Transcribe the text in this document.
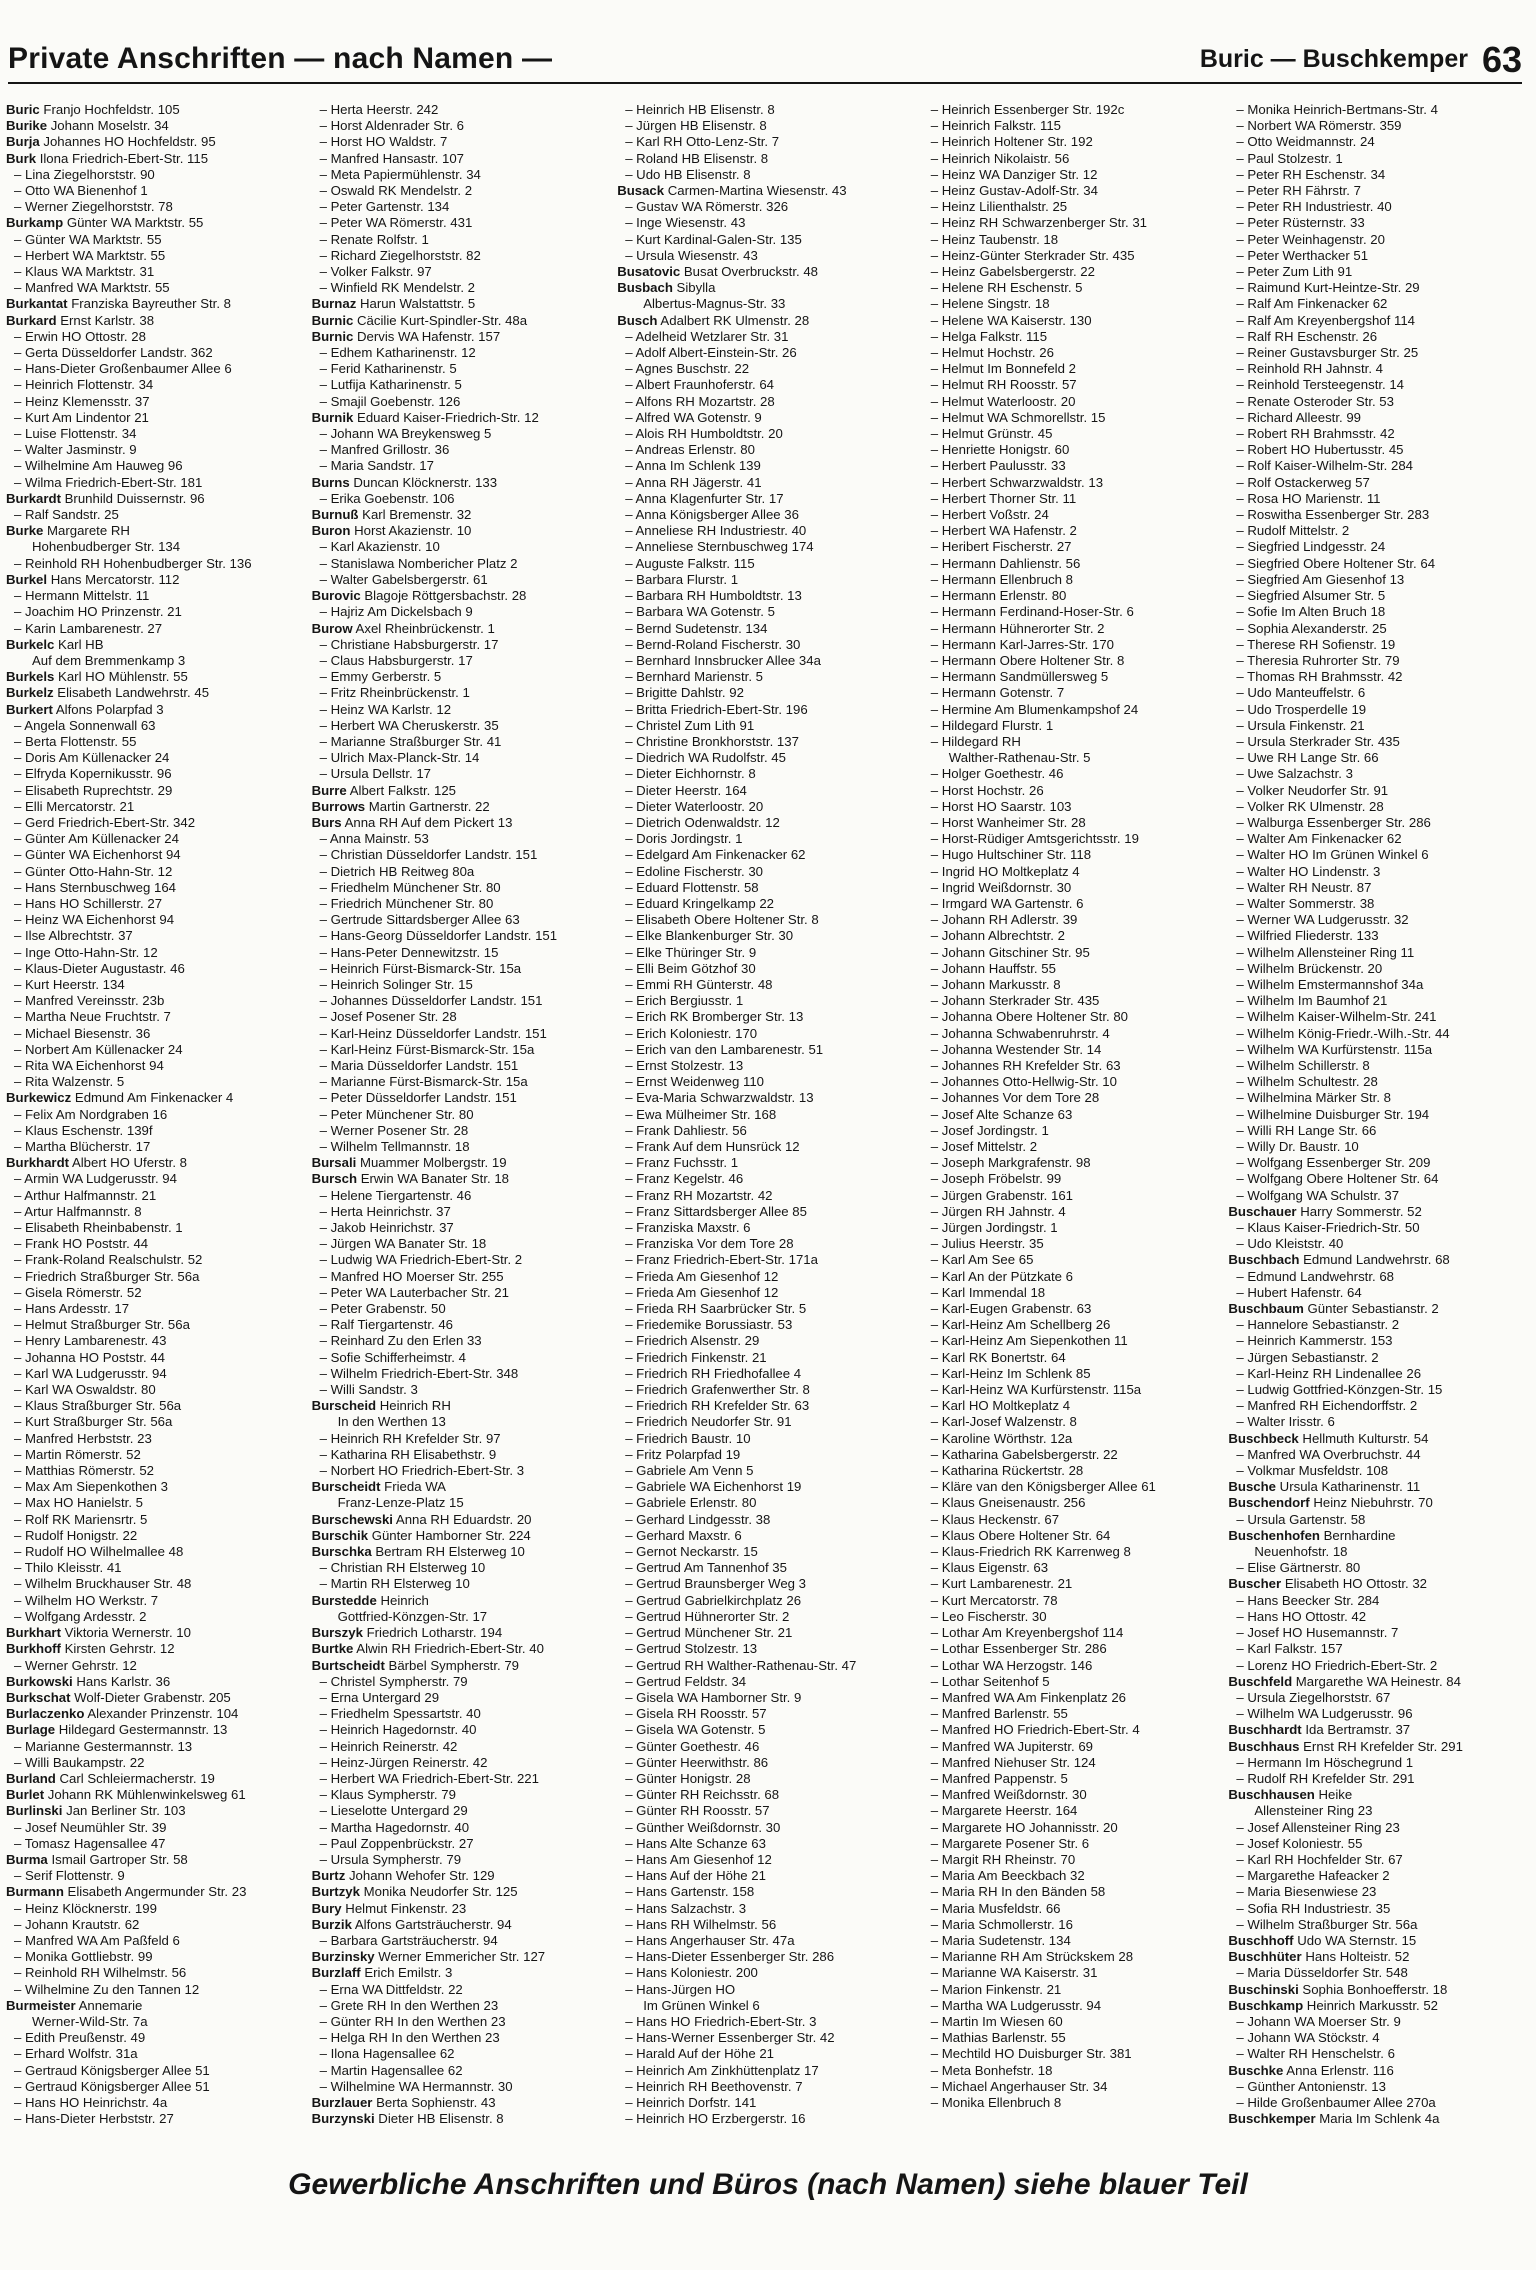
Private Anschriften — nach Namen —	Buric — Buschkemper 63
Buric Franjo Hochfeldstr. 105
Burike Johann Moselstr. 34
Burja Johannes HO Hochfeldstr. 95
Burk Ilona Friedrich-Ebert-Str. 115
– Lina Ziegelhorststr. 90
– Otto WA Bienenhof 1
– Werner Ziegelhorststr. 78
Burkamp Günter WA Marktstr. 55
– Günter WA Marktstr. 55
– Herbert WA Marktstr. 55
– Klaus WA Marktstr. 31
– Manfred WA Marktstr. 55
Burkantat Franziska Bayreuther Str. 8
Burkard Ernst Karlstr. 38
– Erwin HO Ottostr. 28
– Gerta Düsseldorfer Landstr. 362
– Hans-Dieter Großenbaumer Allee 6
– Heinrich Flottenstr. 34
– Heinz Klemensstr. 37
– Kurt Am Lindentor 21
– Luise Flottenstr. 34
– Walter Jasminstr. 9
– Wilhelmine Am Hauweg 96
– Wilma Friedrich-Ebert-Str. 181
Burkardt Brunhild Duissernstr. 96
– Ralf Sandstr. 25
Burke Margarete RH
Hohenbudberger Str. 134
– Reinhold RH Hohenbudberger Str. 136
Burkel Hans Mercatorstr. 112
– Hermann Mittelstr. 11
– Joachim HO Prinzenstr. 21
– Karin Lambarenestr. 27
Burkelc Karl HB
Auf dem Bremmenkamp 3
Burkels Karl HO Mühlenstr. 55
Burkelz Elisabeth Landwehrstr. 45
Burkert Alfons Polarpfad 3
– Angela Sonnenwall 63
– Berta Flottenstr. 55
– Doris Am Küllenacker 24
– Elfryda Kopernikusstr. 96
– Elisabeth Ruprechtstr. 29
– Elli Mercatorstr. 21
– Gerd Friedrich-Ebert-Str. 342
– Günter Am Küllenacker 24
– Günter WA Eichenhorst 94
– Günter Otto-Hahn-Str. 12
– Hans Sternbuschweg 164
– Hans HO Schillerstr. 27
– Heinz WA Eichenhorst 94
– Ilse Albrechtstr. 37
– Inge Otto-Hahn-Str. 12
– Klaus-Dieter Augustastr. 46
– Kurt Heerstr. 134
– Manfred Vereinsstr. 23b
– Martha Neue Fruchtstr. 7
– Michael Biesenstr. 36
– Norbert Am Küllenacker 24
– Rita WA Eichenhorst 94
– Rita Walzenstr. 5
Burkewicz Edmund Am Finkenacker 4
– Felix Am Nordgraben 16
– Klaus Eschenstr. 139f
– Martha Blücherstr. 17
Burkhardt Albert HO Uferstr. 8
– Armin WA Ludgerusstr. 94
– Arthur Halfmannstr. 21
– Artur Halfmannstr. 8
– Elisabeth Rheinbabenstr. 1
– Frank HO Poststr. 44
– Frank-Roland Realschulstr. 52
– Friedrich Straßburger Str. 56a
– Gisela Römerstr. 52
– Hans Ardesstr. 17
– Helmut Straßburger Str. 56a
– Henry Lambarenestr. 43
– Johanna HO Poststr. 44
– Karl WA Ludgerusstr. 94
– Karl WA Oswaldstr. 80
– Klaus Straßburger Str. 56a
– Kurt Straßburger Str. 56a
– Manfred Herbststr. 23
– Martin Römerstr. 52
– Matthias Römerstr. 52
– Max Am Siepenkothen 3
– Max HO Hanielstr. 5
– Rolf RK Mariensrtr. 5
– Rudolf Honigstr. 22
– Rudolf HO Wilhelmallee 48
– Thilo Kleisstr. 41
– Wilhelm Bruckhauser Str. 48
– Wilhelm HO Werkstr. 7
– Wolfgang Ardesstr. 2
Burkhart Viktoria Wernerstr. 10
Burkhoff Kirsten Gehrstr. 12
– Werner Gehrstr. 12
Burkowski Hans Karlstr. 36
Burkschat Wolf-Dieter Grabenstr. 205
Burlaczenko Alexander Prinzenstr. 104
Burlage Hildegard Gestermannstr. 13
– Marianne Gestermannstr. 13
– Willi Baukampstr. 22
Burland Carl Schleiermacherstr. 19
Burlet Johann RK Mühlenwinkelsweg 61
Burlinski Jan Berliner Str. 103
– Josef Neumühler Str. 39
– Tomasz Hagensallee 47
Burma Ismail Gartroper Str. 58
– Serif Flottenstr. 9
Burmann Elisabeth Angermunder Str. 23
– Heinz Klöcknerstr. 199
– Johann Krautstr. 62
– Manfred WA Am Paßfeld 6
– Monika Gottliebstr. 99
– Reinhold RH Wilhelmstr. 56
– Wilhelmine Zu den Tannen 12
Burmeister Annemarie
Werner-Wild-Str. 7a
– Edith Preußenstr. 49
– Erhard Wolfstr. 31a
– Gertraud Königsberger Allee 51
– Gertraud Königsberger Allee 51
– Hans HO Heinrichstr. 4a
– Hans-Dieter Herbststr. 27
– Herta Heerstr. 242
– Horst Aldenrader Str. 6
– Horst HO Waldstr. 7
– Manfred Hansastr. 107
– Meta Papiermühlenstr. 34
– Oswald RK Mendelstr. 2
– Peter Gartenstr. 134
– Peter WA Römerstr. 431
– Renate Rolfstr. 1
– Richard Ziegelhorststr. 82
– Volker Falkstr. 97
– Winfield RK Mendelstr. 2
Burnaz Harun Walstattstr. 5
Burnic Cäcilie Kurt-Spindler-Str. 48a
Burnic Dervis WA Hafenstr. 157
– Edhem Katharinenstr. 12
– Ferid Katharinenstr. 5
– Lutfija Katharinenstr. 5
– Smajil Goebenstr. 126
Burnik Eduard Kaiser-Friedrich-Str. 12
– Johann WA Breykensweg 5
– Manfred Grillostr. 36
– Maria Sandstr. 17
Burns Duncan Klöcknerstr. 133
– Erika Goebenstr. 106
Burnuß Karl Bremenstr. 32
Buron Horst Akazienstr. 10
– Karl Akazienstr. 10
– Stanislawa Nombericher Platz 2
– Walter Gabelsbergerstr. 61
Burovic Blagoje Röttgersbachstr. 28
– Hajriz Am Dickelsbach 9
Burow Axel Rheinbrückenstr. 1
– Christiane Habsburgerstr. 17
– Claus Habsburgerstr. 17
– Emmy Gerberstr. 5
– Fritz Rheinbrückenstr. 1
– Heinz WA Karlstr. 12
– Herbert WA Cheruskerstr. 35
– Marianne Straßburger Str. 41
– Ulrich Max-Planck-Str. 14
– Ursula Dellstr. 17
Burre Albert Falkstr. 125
Burrows Martin Gartnerstr. 22
Burs Anna RH Auf dem Pickert 13
– Anna Mainstr. 53
– Christian Düsseldorfer Landstr. 151
– Dietrich HB Reitweg 80a
– Friedhelm Münchener Str. 80
– Friedrich Münchener Str. 80
– Gertrude Sittardsberger Allee 63
– Hans-Georg Düsseldorfer Landstr. 151
– Hans-Peter Dennewitzstr. 15
– Heinrich Fürst-Bismarck-Str. 15a
– Heinrich Solinger Str. 15
– Johannes Düsseldorfer Landstr. 151
– Josef Posener Str. 28
– Karl-Heinz Düsseldorfer Landstr. 151
– Karl-Heinz Fürst-Bismarck-Str. 15a
– Maria Düsseldorfer Landstr. 151
– Marianne Fürst-Bismarck-Str. 15a
– Peter Düsseldorfer Landstr. 151
– Peter Münchener Str. 80
– Werner Posener Str. 28
– Wilhelm Tellmannstr. 18
Bursali Muammer Molbergstr. 19
Bursch Erwin WA Banater Str. 18
– Helene Tiergartenstr. 46
– Herta Heinrichstr. 37
– Jakob Heinrichstr. 37
– Jürgen WA Banater Str. 18
– Ludwig WA Friedrich-Ebert-Str. 2
– Manfred HO Moerser Str. 255
– Peter WA Lauterbacher Str. 21
– Peter Grabenstr. 50
– Ralf Tiergartenstr. 46
– Reinhard Zu den Erlen 33
– Sofie Schifferheimstr. 4
– Wilhelm Friedrich-Ebert-Str. 348
– Willi Sandstr. 3
Burscheid Heinrich RH
In den Werthen 13
– Heinrich RH Krefelder Str. 97
– Katharina RH Elisabethstr. 9
– Norbert HO Friedrich-Ebert-Str. 3
Burscheidt Frieda WA
Franz-Lenze-Platz 15
Burschewski Anna RH Eduardstr. 20
Burschik Günter Hamborner Str. 224
Burschka Bertram RH Elsterweg 10
– Christian RH Elsterweg 10
– Martin RH Elsterweg 10
Burstedde Heinrich
Gottfried-Könzgen-Str. 17
Burszyk Friedrich Lotharstr. 194
Burtke Alwin RH Friedrich-Ebert-Str. 40
Burtscheidt Bärbel Sympherstr. 79
– Christel Sympherstr. 79
– Erna Untergard 29
– Friedhelm Spessartstr. 40
– Heinrich Hagedornstr. 40
– Heinrich Reinerstr. 42
– Heinz-Jürgen Reinerstr. 42
– Herbert WA Friedrich-Ebert-Str. 221
– Klaus Sympherstr. 79
– Lieselotte Untergard 29
– Martha Hagedornstr. 40
– Paul Zoppenbrückstr. 27
– Ursula Sympherstr. 79
Burtz Johann Wehofer Str. 129
Burtzyk Monika Neudorfer Str. 125
Bury Helmut Finkenstr. 23
Burzik Alfons Gartsträucherstr. 94
– Barbara Gartsträucherstr. 94
Burzinsky Werner Emmericher Str. 127
Burzlaff Erich Emilstr. 3
– Erna WA Dittfeldstr. 22
– Grete RH In den Werthen 23
– Günter RH In den Werthen 23
– Helga RH In den Werthen 23
– Ilona Hagensallee 62
– Martin Hagensallee 62
– Wilhelmine WA Hermannstr. 30
Burzlauer Berta Sophienstr. 43
Burzynski Dieter HB Elisenstr. 8
– Heinrich HB Elisenstr. 8
– Jürgen HB Elisenstr. 8
– Karl RH Otto-Lenz-Str. 7
– Roland HB Elisenstr. 8
– Udo HB Elisenstr. 8
Busack Carmen-Martina Wiesenstr. 43
– Gustav WA Römerstr. 326
– Inge Wiesenstr. 43
– Kurt Kardinal-Galen-Str. 135
– Ursula Wiesenstr. 43
Busatovic Busat Overbruckstr. 48
Busbach Sibylla
Albertus-Magnus-Str. 33
Busch Adalbert RK Ulmenstr. 28
– Adelheid Wetzlarer Str. 31
– Adolf Albert-Einstein-Str. 26
– Agnes Buschstr. 22
– Albert Fraunhoferstr. 64
– Alfons RH Mozartstr. 28
– Alfred WA Gotenstr. 9
– Alois RH Humboldtstr. 20
– Andreas Erlenstr. 80
– Anna Im Schlenk 139
– Anna RH Jägerstr. 41
– Anna Klagenfurter Str. 17
– Anna Königsberger Allee 36
– Anneliese RH Industriestr. 40
– Anneliese Sternbuschweg 174
– Auguste Falkstr. 115
– Barbara Flurstr. 1
– Barbara RH Humboldtstr. 13
– Barbara WA Gotenstr. 5
– Bernd Sudetenstr. 134
– Bernd-Roland Fischerstr. 30
– Bernhard Innsbrucker Allee 34a
– Bernhard Marienstr. 5
– Brigitte Dahlstr. 92
– Britta Friedrich-Ebert-Str. 196
– Christel Zum Lith 91
– Christine Bronkhorststr. 137
– Diedrich WA Rudolfstr. 45
– Dieter Eichhornstr. 8
– Dieter Heerstr. 164
– Dieter Waterloostr. 20
– Dietrich Odenwaldstr. 12
– Doris Jordingstr. 1
– Edelgard Am Finkenacker 62
– Edoline Fischerstr. 30
– Eduard Flottenstr. 58
– Eduard Kringelkamp 22
– Elisabeth Obere Holtener Str. 8
– Elke Blankenburger Str. 30
– Elke Thüringer Str. 9
– Elli Beim Götzhof 30
– Emmi RH Günterstr. 48
– Erich Bergiusstr. 1
– Erich RK Bromberger Str. 13
– Erich Koloniestr. 170
– Erich van den Lambarenestr. 51
– Ernst Stolzestr. 13
– Ernst Weidenweg 110
– Eva-Maria Schwarzwaldstr. 13
– Ewa Mülheimer Str. 168
– Frank Dahliestr. 56
– Frank Auf dem Hunsrück 12
– Franz Fuchsstr. 1
– Franz Kegelstr. 46
– Franz RH Mozartstr. 42
– Franz Sittardsberger Allee 85
– Franziska Maxstr. 6
– Franziska Vor dem Tore 28
– Franz Friedrich-Ebert-Str. 171a
– Frieda Am Giesenhof 12
– Frieda Am Giesenhof 12
– Frieda RH Saarbrücker Str. 5
– Friedemike Borussiastr. 53
– Friedrich Alsenstr. 29
– Friedrich Finkenstr. 21
– Friedrich RH Friedhofallee 4
– Friedrich Grafenwerther Str. 8
– Friedrich RH Krefelder Str. 63
– Friedrich Neudorfer Str. 91
– Friedrich Baustr. 10
– Fritz Polarpfad 19
– Gabriele Am Venn 5
– Gabriele WA Eichenhorst 19
– Gabriele Erlenstr. 80
– Gerhard Lindgesstr. 38
– Gerhard Maxstr. 6
– Gernot Neckarstr. 15
– Gertrud Am Tannenhof 35
– Gertrud Braunsberger Weg 3
– Gertrud Gabrielkirchplatz 26
– Gertrud Hühnerorter Str. 2
– Gertrud Münchener Str. 21
– Gertrud Stolzestr. 13
– Gertrud RH Walther-Rathenau-Str. 47
– Gertrud Feldstr. 34
– Gisela WA Hamborner Str. 9
– Gisela RH Roosstr. 57
– Gisela WA Gotenstr. 5
– Günter Goethestr. 46
– Günter Heerwithstr. 86
– Günter Honigstr. 28
– Günter RH Reichsstr. 68
– Günter RH Roosstr. 57
– Günther Weißdornstr. 30
– Hans Alte Schanze 63
– Hans Am Giesenhof 12
– Hans Auf der Höhe 21
– Hans Gartenstr. 158
– Hans Salzachstr. 3
– Hans RH Wilhelmstr. 56
– Hans Angerhauser Str. 47a
– Hans-Dieter Essenberger Str. 286
– Hans Koloniestr. 200
– Hans-Jürgen HO
Im Grünen Winkel 6
– Hans HO Friedrich-Ebert-Str. 3
– Hans-Werner Essenberger Str. 42
– Harald Auf der Höhe 21
– Heinrich Am Zinkhüttenplatz 17
– Heinrich RH Beethovenstr. 7
– Heinrich Dorfstr. 141
– Heinrich HO Erzbergerstr. 16
– Heinrich Essenberger Str. 192c
– Heinrich Falkstr. 115
– Heinrich Holtener Str. 192
– Heinrich Nikolaistr. 56
– Heinz WA Danziger Str. 12
– Heinz Gustav-Adolf-Str. 34
– Heinz Lilienthalstr. 25
– Heinz RH Schwarzenberger Str. 31
– Heinz Taubenstr. 18
– Heinz-Günter Sterkrader Str. 435
– Heinz Gabelsbergerstr. 22
– Helene RH Eschenstr. 5
– Helene Singstr. 18
– Helene WA Kaiserstr. 130
– Helga Falkstr. 115
– Helmut Hochstr. 26
– Helmut Im Bonnefeld 2
– Helmut RH Roosstr. 57
– Helmut Waterloostr. 20
– Helmut WA Schmorellstr. 15
– Helmut Grünstr. 45
– Henriette Honigstr. 60
– Herbert Paulusstr. 33
– Herbert Schwarzwaldstr. 13
– Herbert Thorner Str. 11
– Herbert Voßstr. 24
– Herbert WA Hafenstr. 2
– Heribert Fischerstr. 27
– Hermann Dahlienstr. 56
– Hermann Ellenbruch 8
– Hermann Erlenstr. 80
– Hermann Ferdinand-Hoser-Str. 6
– Hermann Hühnerorter Str. 2
– Hermann Karl-Jarres-Str. 170
– Hermann Obere Holtener Str. 8
– Hermann Sandmüllersweg 5
– Hermann Gotenstr. 7
– Hermine Am Blumenkampshof 24
– Hildegard Flurstr. 1
– Hildegard RH
Walther-Rathenau-Str. 5
– Holger Goethestr. 46
– Horst Hochstr. 26
– Horst HO Saarstr. 103
– Horst Wanheimer Str. 28
– Horst-Rüdiger Amtsgerichtsstr. 19
– Hugo Hultschiner Str. 118
– Ingrid HO Moltkeplatz 4
– Ingrid Weißdornstr. 30
– Irmgard WA Gartenstr. 6
– Johann RH Adlerstr. 39
– Johann Albrechtstr. 2
– Johann Gitschiner Str. 95
– Johann Hauffstr. 55
– Johann Markusstr. 8
– Johann Sterkrader Str. 435
– Johanna Obere Holtener Str. 80
– Johanna Schwabenruhrstr. 4
– Johanna Westender Str. 14
– Johannes RH Krefelder Str. 63
– Johannes Otto-Hellwig-Str. 10
– Johannes Vor dem Tore 28
– Josef Alte Schanze 63
– Josef Jordingstr. 1
– Josef Mittelstr. 2
– Joseph Markgrafenstr. 98
– Joseph Fröbelstr. 99
– Jürgen Grabenstr. 161
– Jürgen RH Jahnstr. 4
– Jürgen Jordingstr. 1
– Julius Heerstr. 35
– Karl Am See 65
– Karl An der Pützkate 6
– Karl Immendal 18
– Karl-Eugen Grabenstr. 63
– Karl-Heinz Am Schellberg 26
– Karl-Heinz Am Siepenkothen 11
– Karl RK Bonertstr. 64
– Karl-Heinz Im Schlenk 85
– Karl-Heinz WA Kurfürstenstr. 115a
– Karl HO Moltkeplatz 4
– Karl-Josef Walzenstr. 8
– Karoline Wörthstr. 12a
– Katharina Gabelsbergerstr. 22
– Katharina Rückertstr. 28
– Kläre van den Königsberger Allee 61
– Klaus Gneisenaustr. 256
– Klaus Heckenstr. 67
– Klaus Obere Holtener Str. 64
– Klaus-Friedrich RK Karrenweg 8
– Klaus Eigenstr. 63
– Kurt Lambarenestr. 21
– Kurt Mercatorstr. 78
– Leo Fischerstr. 30
– Lothar Am Kreyenbergshof 114
– Lothar Essenberger Str. 286
– Lothar WA Herzogstr. 146
– Lothar Seitenhof 5
– Manfred WA Am Finkenplatz 26
– Manfred Barlenstr. 55
– Manfred HO Friedrich-Ebert-Str. 4
– Manfred WA Jupiterstr. 69
– Manfred Niehuser Str. 124
– Manfred Pappenstr. 5
– Manfred Weißdornstr. 30
– Margarete Heerstr. 164
– Margarete HO Johannisstr. 20
– Margarete Posener Str. 6
– Margit RH Rheinstr. 70
– Maria Am Beeckbach 32
– Maria RH In den Bänden 58
– Maria Musfeldstr. 66
– Maria Schmollerstr. 16
– Maria Sudetenstr. 134
– Marianne RH Am Strückskem 28
– Marianne WA Kaiserstr. 31
– Marion Finkenstr. 21
– Martha WA Ludgerusstr. 94
– Martin Im Wiesen 60
– Mathias Barlenstr. 55
– Mechtild HO Duisburger Str. 381
– Meta Bonhefstr. 18
– Michael Angerhauser Str. 34
– Monika Ellenbruch 8
– Monika Heinrich-Bertmans-Str. 4
– Norbert WA Römerstr. 359
– Otto Weidmannstr. 24
– Paul Stolzestr. 1
– Peter RH Eschenstr. 34
– Peter RH Fährstr. 7
– Peter RH Industriestr. 40
– Peter Rüsternstr. 33
– Peter Weinhagenstr. 20
– Peter Werthacker 51
– Peter Zum Lith 91
– Raimund Kurt-Heintze-Str. 29
– Ralf Am Finkenacker 62
– Ralf Am Kreyenbergshof 114
– Ralf RH Eschenstr. 26
– Reiner Gustavsburger Str. 25
– Reinhold RH Jahnstr. 4
– Reinhold Tersteegenstr. 14
– Renate Osteroder Str. 53
– Richard Alleestr. 99
– Robert RH Brahmsstr. 42
– Robert HO Hubertusstr. 45
– Rolf Kaiser-Wilhelm-Str. 284
– Rolf Ostackerweg 57
– Rosa HO Marienstr. 11
– Roswitha Essenberger Str. 283
– Rudolf Mittelstr. 2
– Siegfried Lindgesstr. 24
– Siegfried Obere Holtener Str. 64
– Siegfried Am Giesenhof 13
– Siegfried Alsumer Str. 5
– Sofie Im Alten Bruch 18
– Sophia Alexanderstr. 25
– Therese RH Sofienstr. 19
– Theresia Ruhrorter Str. 79
– Thomas RH Brahmsstr. 42
– Udo Manteuffelstr. 6
– Udo Trosperdelle 19
– Ursula Finkenstr. 21
– Ursula Sterkrader Str. 435
– Uwe RH Lange Str. 66
– Uwe Salzachstr. 3
– Volker Neudorfer Str. 91
– Volker RK Ulmenstr. 28
– Walburga Essenberger Str. 286
– Walter Am Finkenacker 62
– Walter HO Im Grünen Winkel 6
– Walter HO Lindenstr. 3
– Walter RH Neustr. 87
– Walter Sommerstr. 38
– Werner WA Ludgerusstr. 32
– Wilfried Fliederstr. 133
– Wilhelm Allensteiner Ring 11
– Wilhelm Brückenstr. 20
– Wilhelm Emstermannshof 34a
– Wilhelm Im Baumhof 21
– Wilhelm Kaiser-Wilhelm-Str. 241
– Wilhelm König-Friedr.-Wilh.-Str. 44
– Wilhelm WA Kurfürstenstr. 115a
– Wilhelm Schillerstr. 8
– Wilhelm Schultestr. 28
– Wilhelmina Märker Str. 8
– Wilhelmine Duisburger Str. 194
– Willi RH Lange Str. 66
– Willy Dr. Baustr. 10
– Wolfgang Essenberger Str. 209
– Wolfgang Obere Holtener Str. 64
– Wolfgang WA Schulstr. 37
Buschauer Harry Sommerstr. 52
– Klaus Kaiser-Friedrich-Str. 50
– Udo Kleiststr. 40
Buschbach Edmund Landwehrstr. 68
– Edmund Landwehrstr. 68
– Hubert Hafenstr. 64
Buschbaum Günter Sebastianstr. 2
– Hannelore Sebastianstr. 2
– Heinrich Kammerstr. 153
– Jürgen Sebastianstr. 2
– Karl-Heinz RH Lindenallee 26
– Ludwig Gottfried-Könzgen-Str. 15
– Manfred RH Eichendorffstr. 2
– Walter Irisstr. 6
Buschbeck Hellmuth Kulturstr. 54
– Manfred WA Overbruchstr. 44
– Volkmar Musfeldstr. 108
Busche Ursula Katharinenstr. 11
Buschendorf Heinz Niebuhrstr. 70
– Ursula Gartenstr. 58
Buschenhofen Bernhardine
Neuenhofstr. 18
– Elise Gärtnerstr. 80
Buscher Elisabeth HO Ottostr. 32
– Hans Beecker Str. 284
– Hans HO Ottostr. 42
– Josef HO Husemannstr. 7
– Karl Falkstr. 157
– Lorenz HO Friedrich-Ebert-Str. 2
Buschfeld Margarethe WA Heinestr. 84
– Ursula Ziegelhorststr. 67
– Wilhelm WA Ludgerusstr. 96
Buschhardt Ida Bertramstr. 37
Buschhaus Ernst RH Krefelder Str. 291
– Hermann Im Höschegrund 1
– Rudolf RH Krefelder Str. 291
Buschhausen Heike
Allensteiner Ring 23
– Josef Allensteiner Ring 23
– Josef Koloniestr. 55
– Karl RH Hochfelder Str. 67
– Margarethe Hafeacker 2
– Maria Biesenwiese 23
– Sofia RH Industriestr. 35
– Wilhelm Straßburger Str. 56a
Buschhoff Udo WA Sternstr. 15
Buschhüter Hans Holteistr. 52
– Maria Düsseldorfer Str. 548
Buschinski Sophia Bonhoefferstr. 18
Buschkamp Heinrich Markusstr. 52
– Johann WA Moerser Str. 9
– Johann WA Stöckstr. 4
– Walter RH Henschelstr. 6
Buschke Anna Erlenstr. 116
– Günther Antonienstr. 13
– Hilde Großenbaumer Allee 270a
Buschkemper Maria Im Schlenk 4a
Gewerbliche Anschriften und Büros (nach Namen) siehe blauer Teil
